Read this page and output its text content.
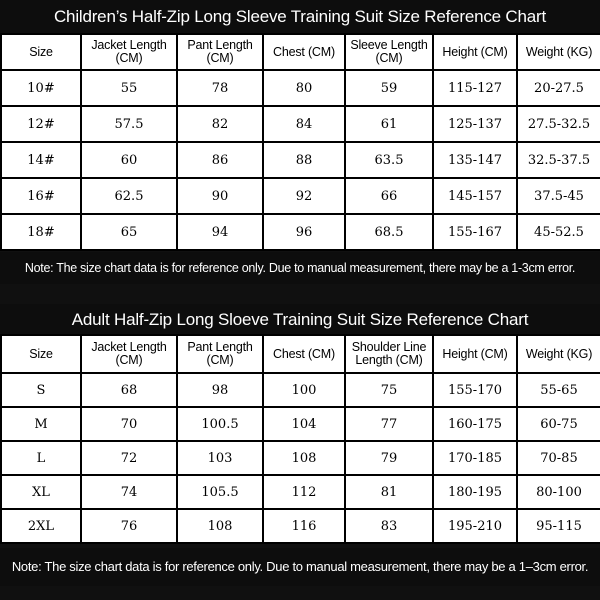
Children’s Half-Zip Long Sleeve Training Suit Size Reference Chart
Size	Jacket Length (CM)	Pant Length (CM)	Chest (CM)	Sleeve Length (CM)	Height (CM)	Weight (KG)
10#	55	78	80	59	115-127	20-27.5
12#	57.5	82	84	61	125-137	27.5-32.5
14#	60	86	88	63.5	135-147	32.5-37.5
16#	62.5	90	92	66	145-157	37.5-45
18#	65	94	96	68.5	155-167	45-52.5
Note: The size chart data is for reference only. Due to manual measurement, there may be a 1-3cm error.
Adult Half-Zip Long Sloeve Training Suit Size Reference Chart
Size	Jacket Length (CM)	Pant Length (CM)	Chest (CM)	Shoulder Line Length (CM)	Height (CM)	Weight (KG)
S	68	98	100	75	155-170	55-65
M	70	100.5	104	77	160-175	60-75
L	72	103	108	79	170-185	70-85
XL	74	105.5	112	81	180-195	80-100
2XL	76	108	116	83	195-210	95-115
Note: The size chart data is for reference only. Due to manual measurement, there may be a 1–3cm error.
